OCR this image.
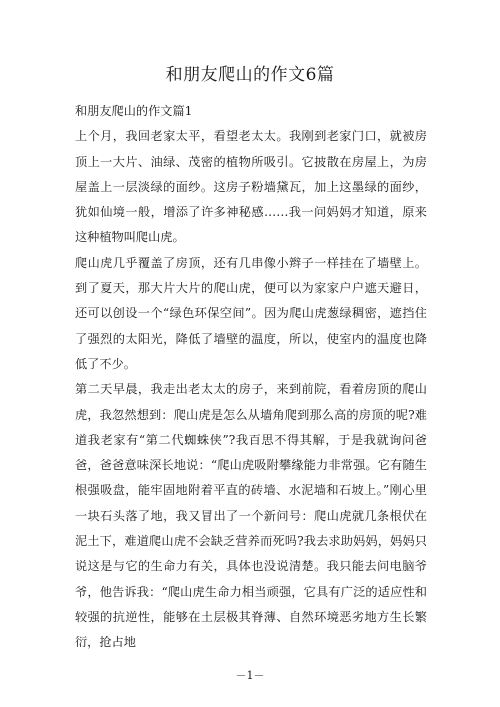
和朋友爬山的作文6篇

和朋友爬山的作文篇1

上个月，我回老家太平，看望老太太。我刚到老家门口，就被房顶上一大片、油绿、茂密的植物所吸引。它披散在房屋上，为房屋盖上一层淡绿的面纱。这房子粉墙黛瓦，加上这墨绿的面纱，犹如仙境一般，增添了许多神秘感……我一问妈妈才知道，原来这种植物叫爬山虎。

爬山虎几乎覆盖了房顶，还有几串像小辫子一样挂在了墙壁上。到了夏天，那大片大片的爬山虎，便可以为家家户户遮天避日，还可以创设一个“绿色环保空间”。因为爬山虎葱绿稠密，遮挡住了强烈的太阳光，降低了墙壁的温度，所以，使室内的温度也降低了不少。

第二天早晨，我走出老太太的房子，来到前院，看着房顶的爬山虎，我忽然想到：爬山虎是怎么从墙角爬到那么高的房顶的呢?难道我老家有“第二代蜘蛛侠”?我百思不得其解，于是我就询问爸爸，爸爸意味深长地说：“爬山虎吸附攀缘能力非常强。它有随生根强吸盘，能牢固地附着平直的砖墙、水泥墙和石坡上。”刚心里一块石头落了地，我又冒出了一个新问号：爬山虎就几条根伏在泥土下，难道爬山虎不会缺乏营养而死吗?我去求助妈妈，妈妈只说这是与它的生命力有关，具体也没说清楚。我只能去问电脑爷爷，他告诉我：“爬山虎生命力相当顽强，它具有广泛的适应性和较强的抗逆性，能够在土层极其脊薄、自然环境恶劣地方生长繁衍，抢占地

－1－
